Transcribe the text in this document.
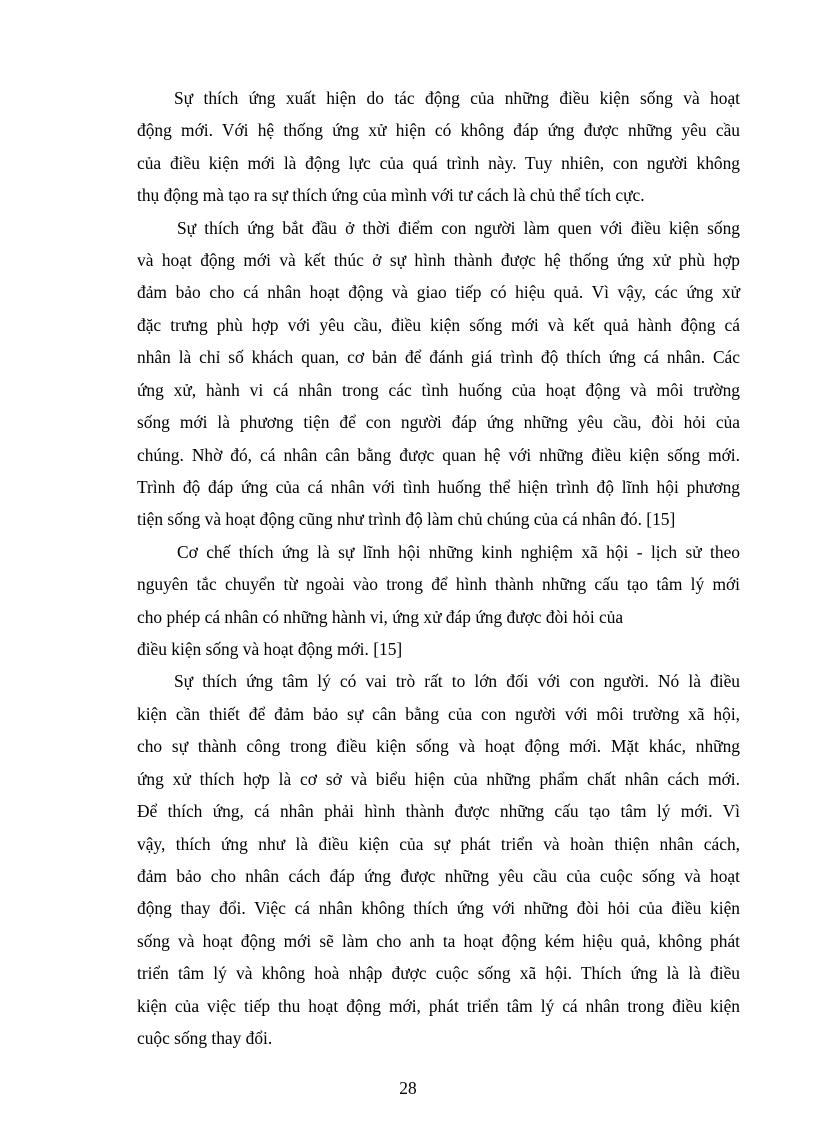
Sự thích ứng xuất hiện do tác động của những điều kiện sống và hoạt
động mới. Với hệ thống ứng xử hiện có không đáp ứng được những yêu cầu
của điều kiện mới là động lực của quá trình này. Tuy nhiên, con người không
thụ động mà tạo ra sự thích ứng của mình với tư cách là chủ thể tích cực.
Sự thích ứng bắt đầu ở thời điểm con người làm quen với điều kiện sống
và hoạt động mới và kết thúc ở sự hình thành được hệ thống ứng xử phù hợp
đảm bảo cho cá nhân hoạt động và giao tiếp có hiệu quả. Vì vậy, các ứng xử
đặc trưng phù hợp với yêu cầu, điều kiện sống mới và kết quả hành động cá
nhân là chỉ số khách quan, cơ bản để đánh giá trình độ thích ứng cá nhân. Các
ứng xử, hành vi cá nhân trong các tình huống của hoạt động và môi trường
sống mới là phương tiện để con người đáp ứng những yêu cầu, đòi hỏi của
chúng. Nhờ đó, cá nhân cân bằng được quan hệ với những điều kiện sống mới.
Trình độ đáp ứng của cá nhân với tình huống thể hiện trình độ lĩnh hội phương
tiện sống và hoạt động cũng như trình độ làm chủ chúng của cá nhân đó. [15]
Cơ chế thích ứng là sự lĩnh hội những kinh nghiệm xã hội - lịch sử theo
nguyên tắc chuyển từ ngoài vào trong để hình thành những cấu tạo tâm lý mới
cho phép cá nhân có những hành vi, ứng xử đáp ứng được đòi hỏi của
điều kiện sống và hoạt động mới. [15]
Sự thích ứng tâm lý có vai trò rất to lớn đối với con người. Nó là điều
kiện cần thiết để đảm bảo sự cân bằng của con người với môi trường xã hội,
cho sự thành công trong điều kiện sống và hoạt động mới. Mặt khác, những
ứng xử thích hợp là cơ sở và biểu hiện của những phẩm chất nhân cách mới.
Để thích ứng, cá nhân phải hình thành được những cấu tạo tâm lý mới. Vì
vậy, thích ứng như là điều kiện của sự phát triển và hoàn thiện nhân cách,
đảm bảo cho nhân cách đáp ứng được những yêu cầu của cuộc sống và hoạt
động thay đổi. Việc cá nhân không thích ứng với những đòi hỏi của điều kiện
sống và hoạt động mới sẽ làm cho anh ta hoạt động kém hiệu quả, không phát
triển tâm lý và không hoà nhập được cuộc sống xã hội. Thích ứng là là điều
kiện của việc tiếp thu hoạt động mới, phát triển tâm lý cá nhân trong điều kiện
cuộc sống thay đổi.
28
